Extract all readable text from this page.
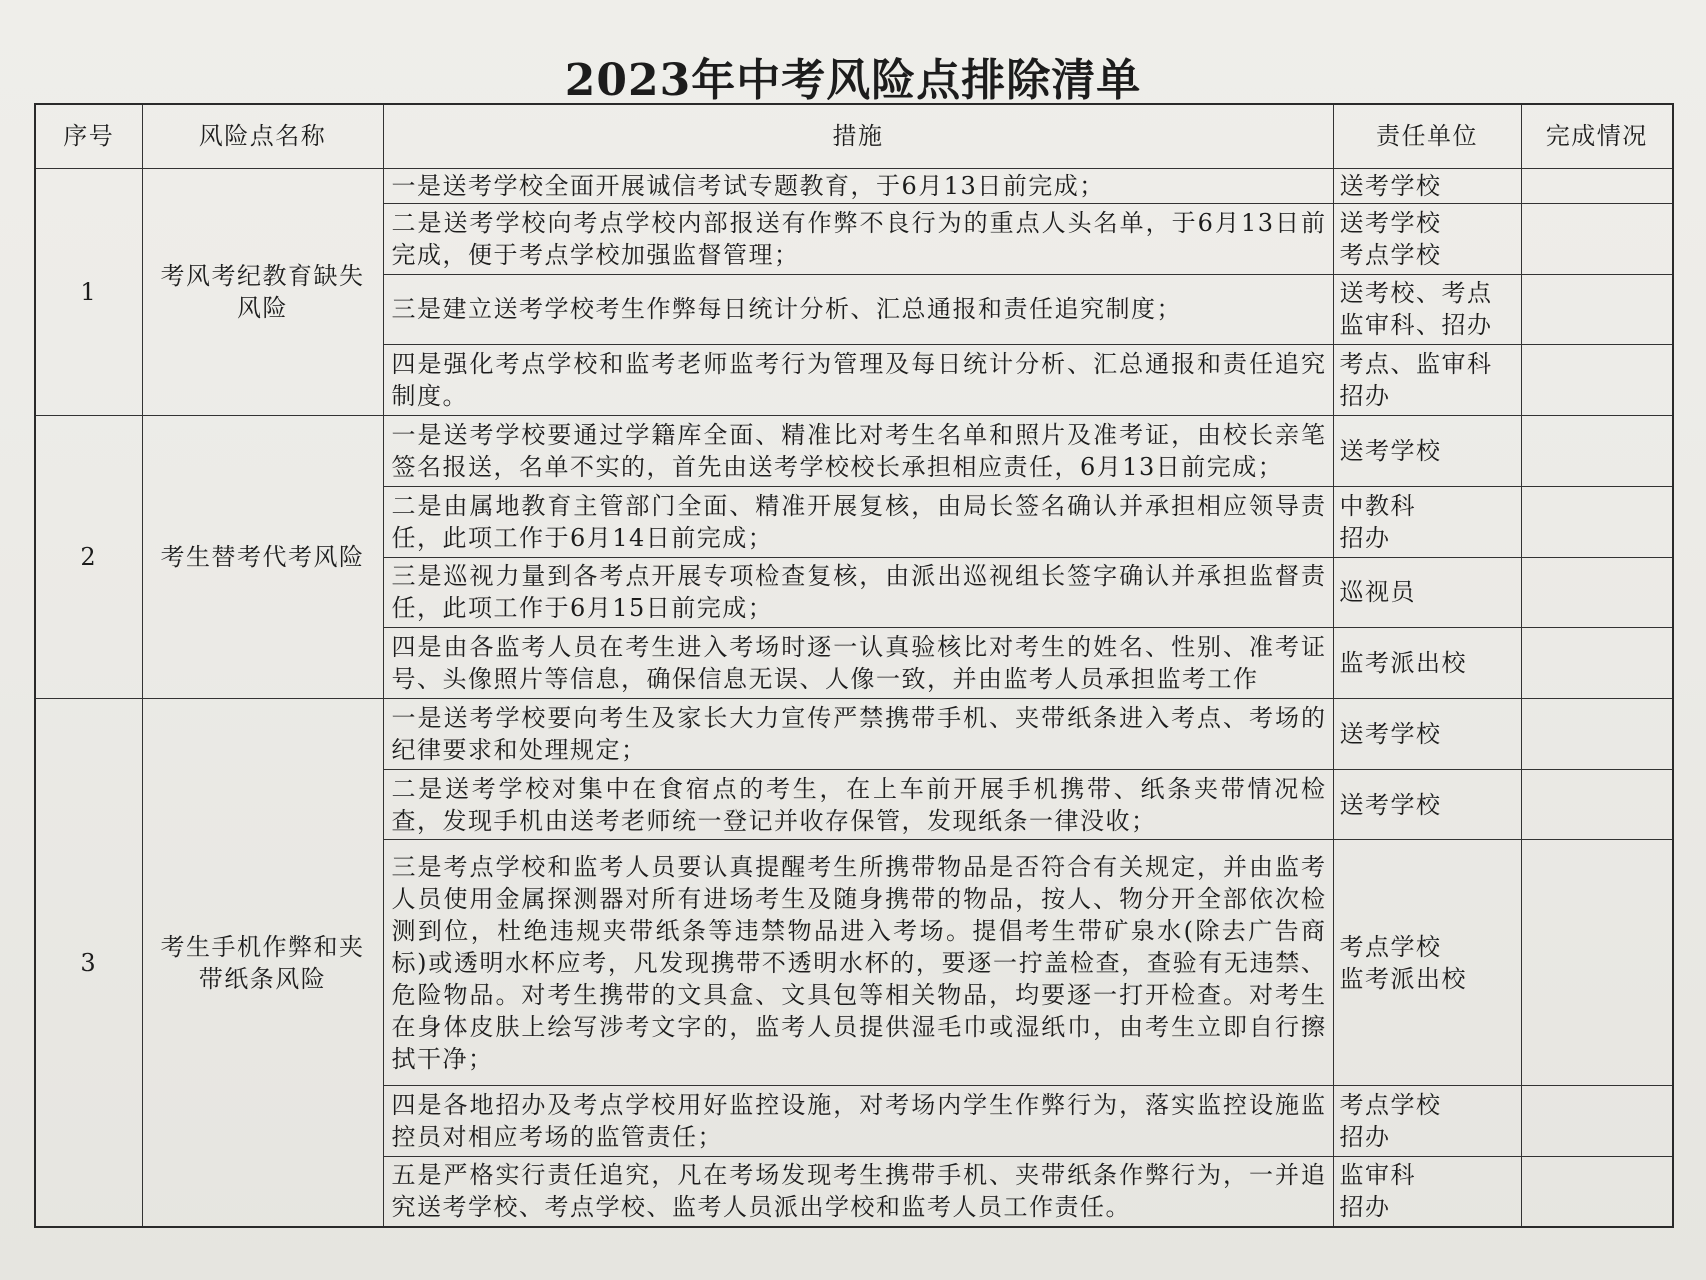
2023年中考风险点排除清单
序号	风险点名称	措施	责任单位	完成情况
1	考风考纪教育缺失风险	一是送考学校全面开展诚信考试专题教育，于6月13日前完成；	送考学校	
		二是送考学校向考点学校内部报送有作弊不良行为的重点人头名单，于6月13日前完成，便于考点学校加强监督管理；	送考学校
考点学校	
		三是建立送考学校考生作弊每日统计分析、汇总通报和责任追究制度；	送考校、考点
监审科、招办	
		四是强化考点学校和监考老师监考行为管理及每日统计分析、汇总通报和责任追究制度。	考点、监审科
招办	
2	考生替考代考风险	一是送考学校要通过学籍库全面、精准比对考生名单和照片及准考证，由校长亲笔签名报送，名单不实的，首先由送考学校校长承担相应责任，6月13日前完成；	送考学校	
		二是由属地教育主管部门全面、精准开展复核，由局长签名确认并承担相应领导责任，此项工作于6月14日前完成；	中教科
招办	
		三是巡视力量到各考点开展专项检查复核，由派出巡视组长签字确认并承担监督责任，此项工作于6月15日前完成；	巡视员	
		四是由各监考人员在考生进入考场时逐一认真验核比对考生的姓名、性别、准考证号、头像照片等信息，确保信息无误、人像一致，并由监考人员承担监考工作	监考派出校	
3	考生手机作弊和夹带纸条风险	一是送考学校要向考生及家长大力宣传严禁携带手机、夹带纸条进入考点、考场的纪律要求和处理规定；	送考学校	
		二是送考学校对集中在食宿点的考生，在上车前开展手机携带、纸条夹带情况检查，发现手机由送考老师统一登记并收存保管，发现纸条一律没收；	送考学校	
		三是考点学校和监考人员要认真提醒考生所携带物品是否符合有关规定，并由监考人员使用金属探测器对所有进场考生及随身携带的物品，按人、物分开全部依次检测到位，杜绝违规夹带纸条等违禁物品进入考场。提倡考生带矿泉水(除去广告商标)或透明水杯应考，凡发现携带不透明水杯的，要逐一拧盖检查，查验有无违禁、危险物品。对考生携带的文具盒、文具包等相关物品，均要逐一打开检查。对考生在身体皮肤上绘写涉考文字的，监考人员提供湿毛巾或湿纸巾，由考生立即自行擦拭干净；	考点学校
监考派出校	
		四是各地招办及考点学校用好监控设施，对考场内学生作弊行为，落实监控设施监控员对相应考场的监管责任；	考点学校
招办	
		五是严格实行责任追究，凡在考场发现考生携带手机、夹带纸条作弊行为，一并追究送考学校、考点学校、监考人员派出学校和监考人员工作责任。	监审科
招办	
